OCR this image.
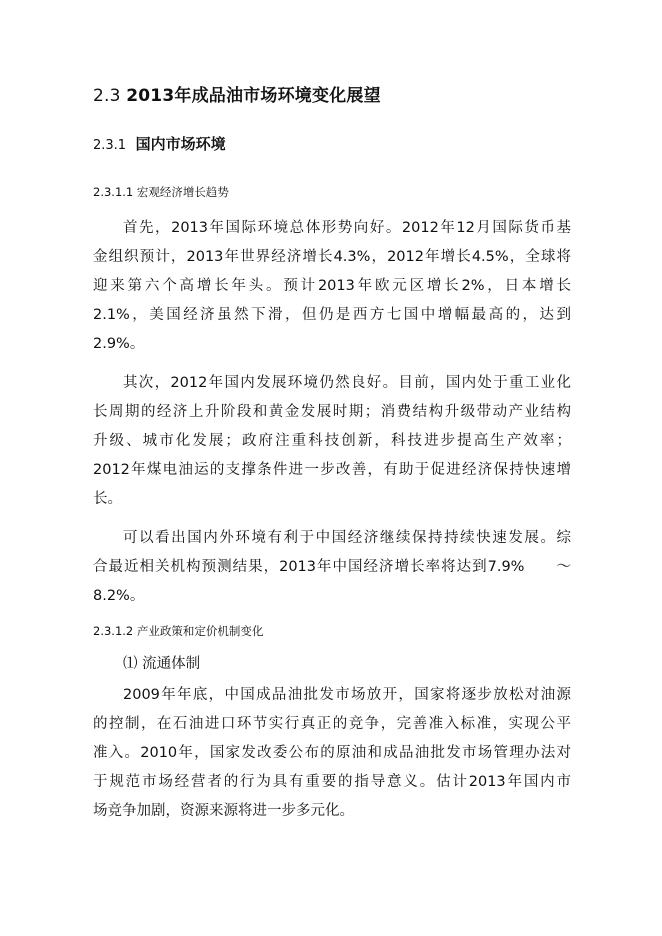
2.3 2013年成品油市场环境变化展望
2.3.1 国内市场环境
2.3.1.1 宏观经济增长趋势
首先，2013年国际环境总体形势向好。2012年12月国际货币基
金组织预计，2013年世界经济增长4.3%，2012年增长4.5%，全球将
迎来第六个高增长年头。预计2013年欧元区增长2%，日本增长
2.1%，美国经济虽然下滑，但仍是西方七国中增幅最高的，达到
2.9%。
其次，2012年国内发展环境仍然良好。目前，国内处于重工业化
长周期的经济上升阶段和黄金发展时期；消费结构升级带动产业结构
升级、城市化发展；政府注重科技创新，科技进步提高生产效率；
2012年煤电油运的支撑条件进一步改善，有助于促进经济保持快速增
长。
可以看出国内外环境有利于中国经济继续保持持续快速发展。综
合最近相关机构预测结果，2013年中国经济增长率将达到7.9%　　～
8.2%。
2.3.1.2 产业政策和定价机制变化
⑴ 流通体制
2009年年底，中国成品油批发市场放开，国家将逐步放松对油源
的控制，在石油进口环节实行真正的竞争，完善准入标准，实现公平
准入。2010年，国家发改委公布的原油和成品油批发市场管理办法对
于规范市场经营者的行为具有重要的指导意义。估计2013年国内市
场竞争加剧，资源来源将进一步多元化。
